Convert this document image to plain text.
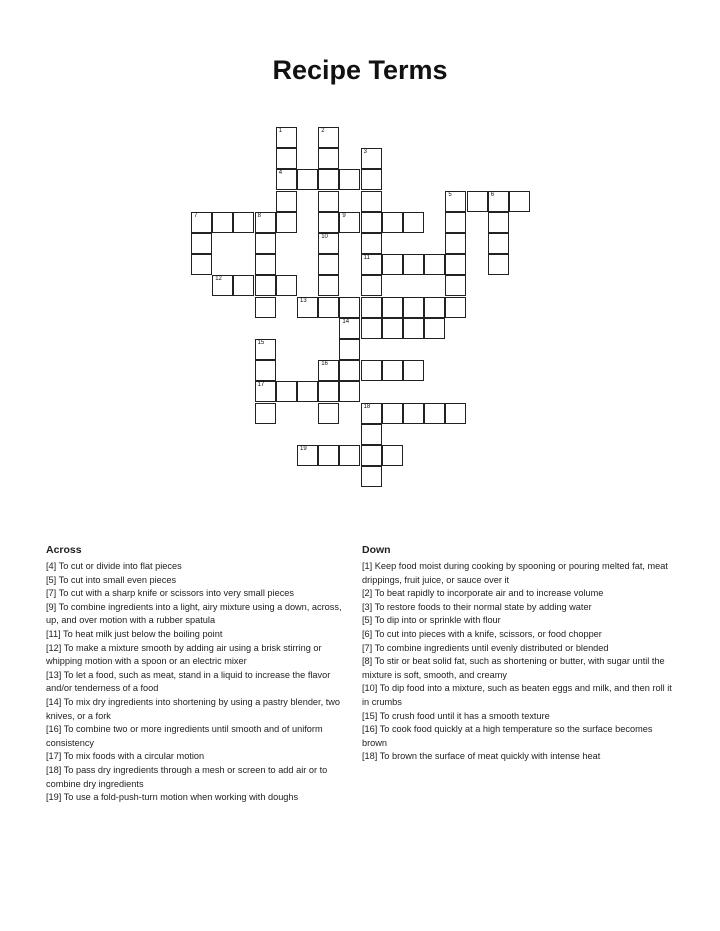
Recipe Terms
1	2
3
4
5	6
7	8	9
10
11
12
13
14
15
16
17
18
19
Across

[4] To cut or divide into flat pieces

[5] To cut into small even pieces

[7] To cut with a sharp knife or scissors into very small pieces

[9] To combine ingredients into a light, airy mixture using a down, across, up, and over motion with a rubber spatula

[11] To heat milk just below the boiling point

[12] To make a mixture smooth by adding air using a brisk stirring or whipping motion with a spoon or an electric mixer

[13] To let a food, such as meat, stand in a liquid to increase the flavor and/or tenderness of a food

[14] To mix dry ingredients into shortening by using a pastry blender, two knives, or a fork

[16] To combine two or more ingredients until smooth and of uniform consistency

[17] To mix foods with a circular motion

[18] To pass dry ingredients through a mesh or screen to add air or to combine dry ingredients

[19] To use a fold-push-turn motion when working with doughs

Down

[1] Keep food moist during cooking by spooning or pouring melted fat, meat drippings, fruit juice, or sauce over it

[2] To beat rapidly to incorporate air and to increase volume

[3] To restore foods to their normal state by adding water

[5] To dip into or sprinkle with flour

[6] To cut into pieces with a knife, scissors, or food chopper

[7] To combine ingredients until evenly distributed or blended

[8] To stir or beat solid fat, such as shortening or butter, with sugar until the mixture is soft, smooth, and creamy

[10] To dip food into a mixture, such as beaten eggs and milk, and then roll it in crumbs

[15] To crush food until it has a smooth texture

[16] To cook food quickly at a high temperature so the surface becomes brown

[18] To brown the surface of meat quickly with intense heat
